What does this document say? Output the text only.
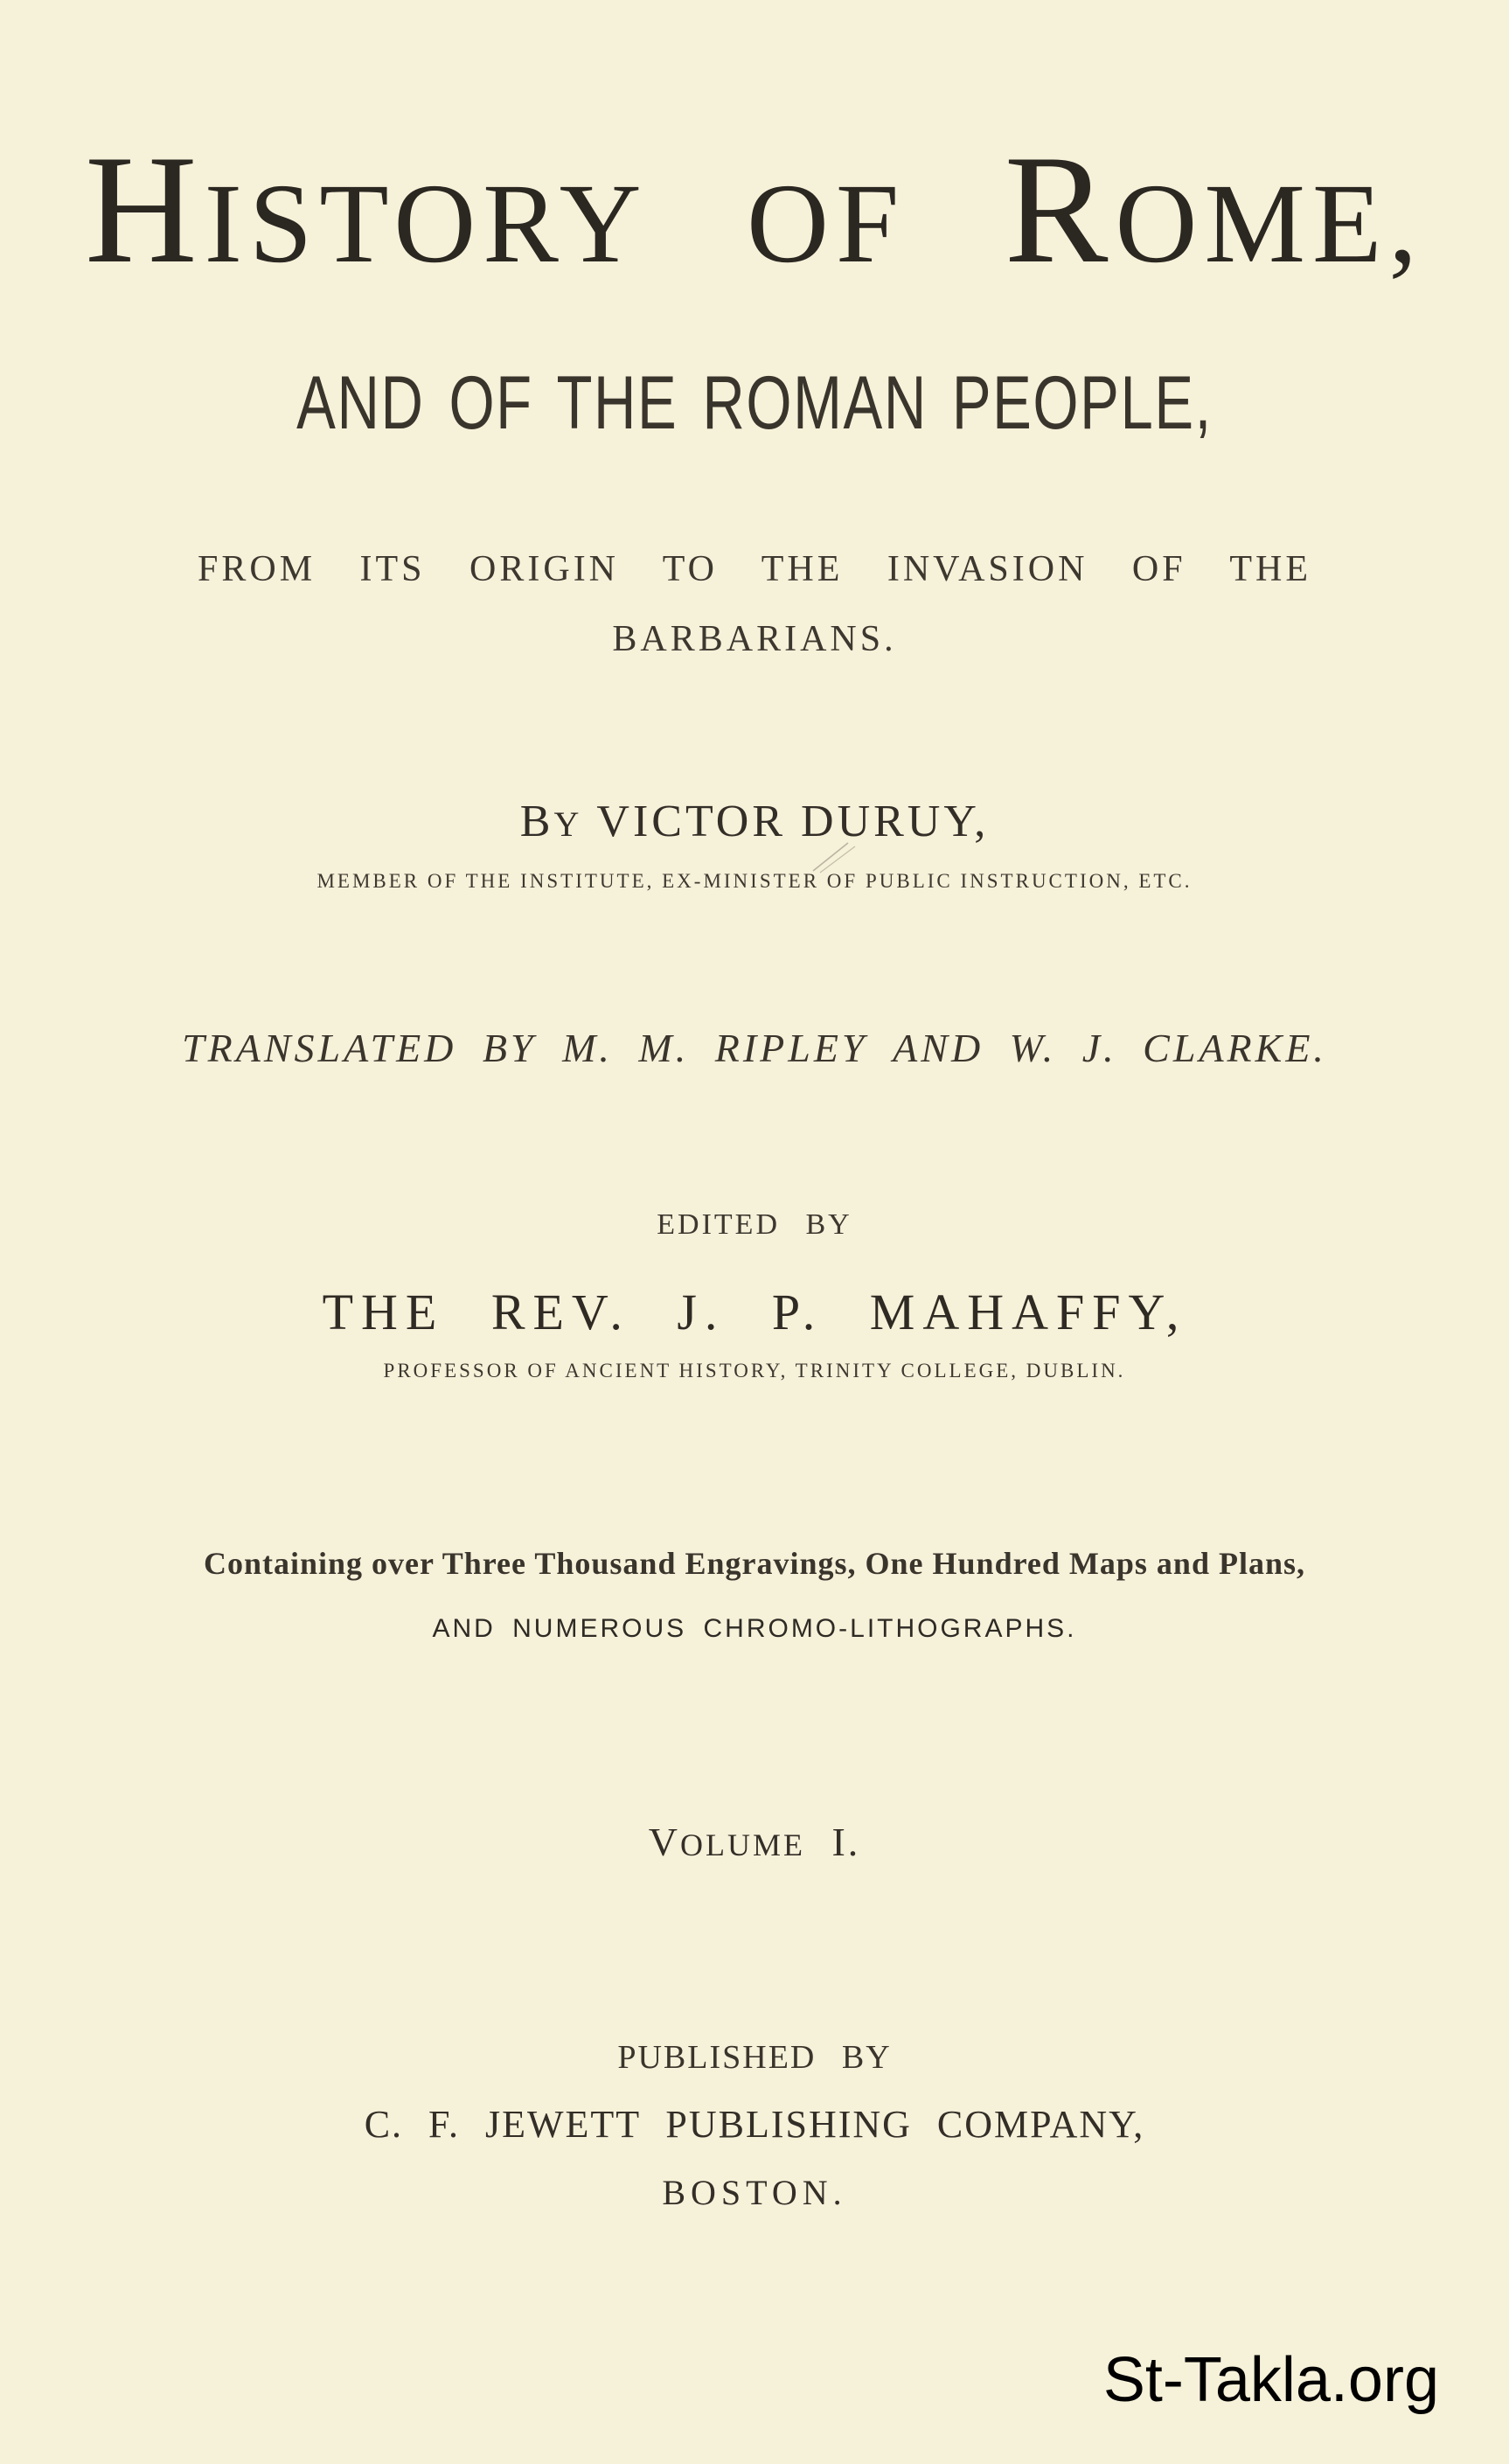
HISTORY OF ROME,
AND OF THE ROMAN PEOPLE,
FROM ITS ORIGIN TO THE INVASION OF THE
BARBARIANS.
BY VICTOR DURUY,
MEMBER OF THE INSTITUTE, EX-MINISTER OF PUBLIC INSTRUCTION, ETC.
TRANSLATED BY M. M. RIPLEY AND W. J. CLARKE.
EDITED BY
THE REV. J. P. MAHAFFY,
PROFESSOR OF ANCIENT HISTORY, TRINITY COLLEGE, DUBLIN.
Containing over Three Thousand Engravings, One Hundred Maps and Plans,
AND NUMEROUS CHROMO-LITHOGRAPHS.
VOLUME I.
PUBLISHED BY
C. F. JEWETT PUBLISHING COMPANY,
BOSTON.
St-Takla.org
